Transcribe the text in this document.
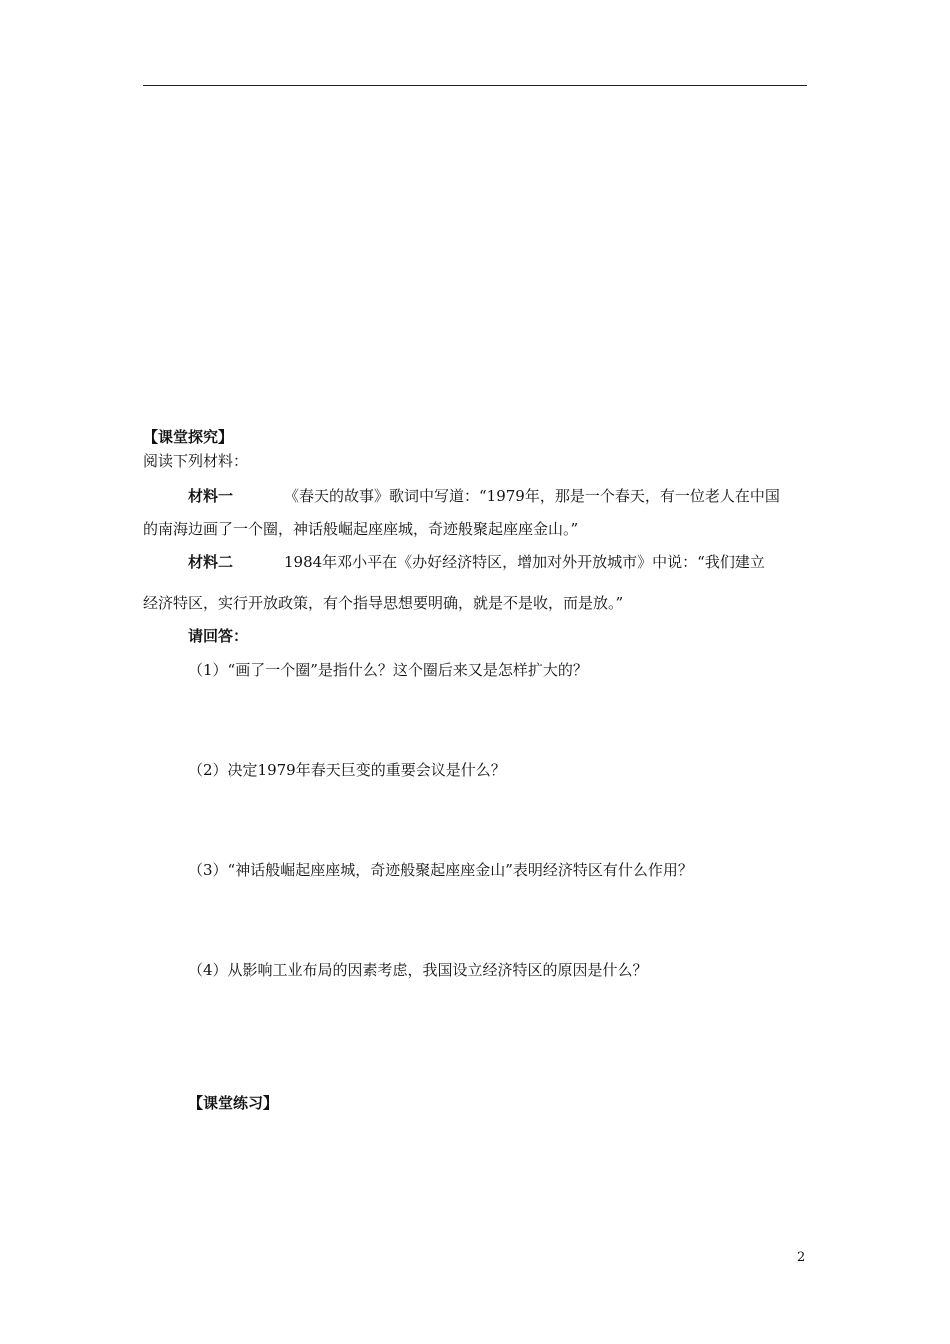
【课堂探究】
阅读下列材料：
材料一	《春天的故事》歌词中写道：“1979年，那是一个春天，有一位老人在中国
的南海边画了一个圈，神话般崛起座座城，奇迹般聚起座座金山。”
材料二	1984年邓小平在《办好经济特区，增加对外开放城市》中说：“我们建立
经济特区，实行开放政策，有个指导思想要明确，就是不是收，而是放。”
请回答：
（1）“画了一个圈”是指什么？这个圈后来又是怎样扩大的？
（2）决定1979年春天巨变的重要会议是什么？
（3）“神话般崛起座座城，奇迹般聚起座座金山”表明经济特区有什么作用？
（4）从影响工业布局的因素考虑，我国设立经济特区的原因是什么？
【课堂练习】
2
